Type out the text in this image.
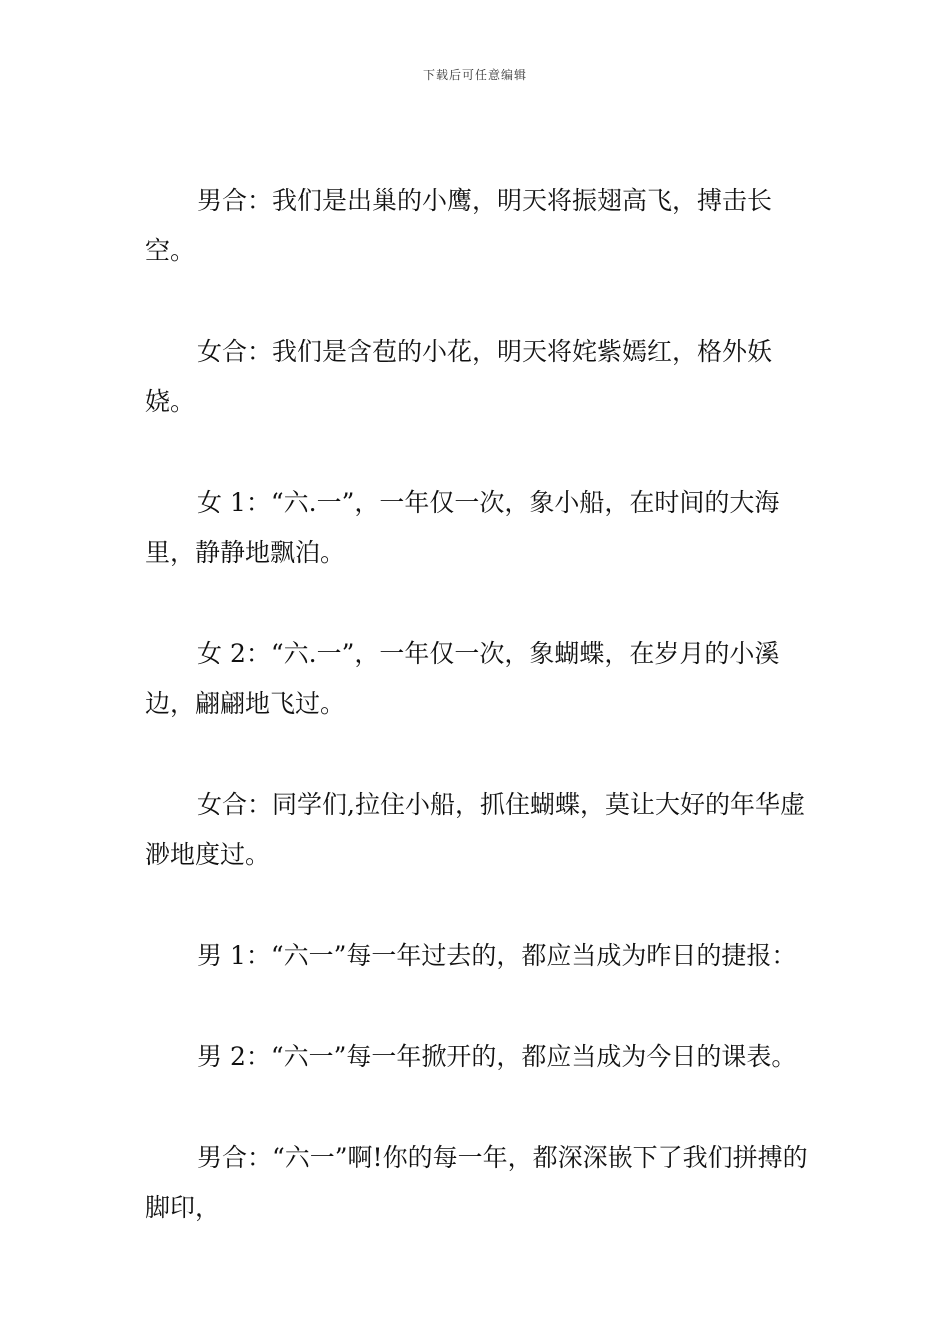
下载后可任意编辑

男合：我们是出巢的小鹰，明天将振翅高飞，搏击长空。

女合：我们是含苞的小花，明天将姹紫嫣红，格外妖娆。

女 1：“六.一”，一年仅一次，象小船，在时间的大海里，静静地飘泊。

女 2：“六.一”，一年仅一次，象蝴蝶，在岁月的小溪边，翩翩地飞过。

女合：同学们,拉住小船，抓住蝴蝶，莫让大好的年华虚渺地度过。

男 1：“六一”每一年过去的，都应当成为昨日的捷报：

男 2：“六一”每一年掀开的，都应当成为今日的课表。

男合：“六一”啊!你的每一年，都深深嵌下了我们拼搏的脚印，
